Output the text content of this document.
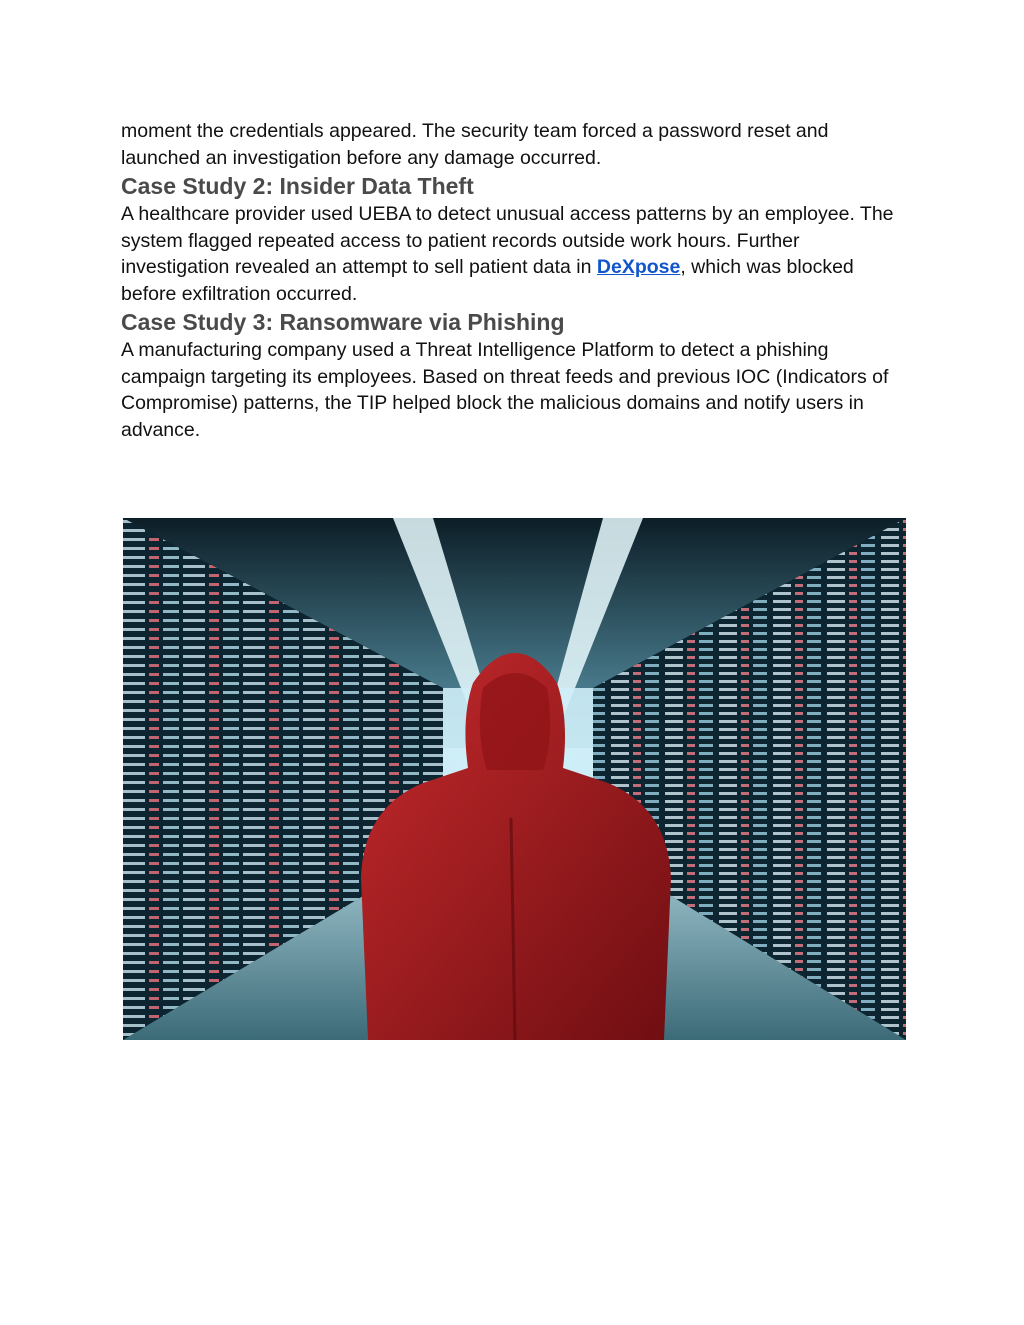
moment the credentials appeared. The security team forced a password reset and launched an investigation before any damage occurred.

Case Study 2: Insider Data Theft

A healthcare provider used UEBA to detect unusual access patterns by an employee. The system flagged repeated access to patient records outside work hours. Further investigation revealed an attempt to sell patient data in DeXpose, which was blocked before exfiltration occurred.

Case Study 3: Ransomware via Phishing

A manufacturing company used a Threat Intelligence Platform to detect a phishing campaign targeting its employees. Based on threat feeds and previous IOC (Indicators of Compromise) patterns, the TIP helped block the malicious domains and notify users in advance.
